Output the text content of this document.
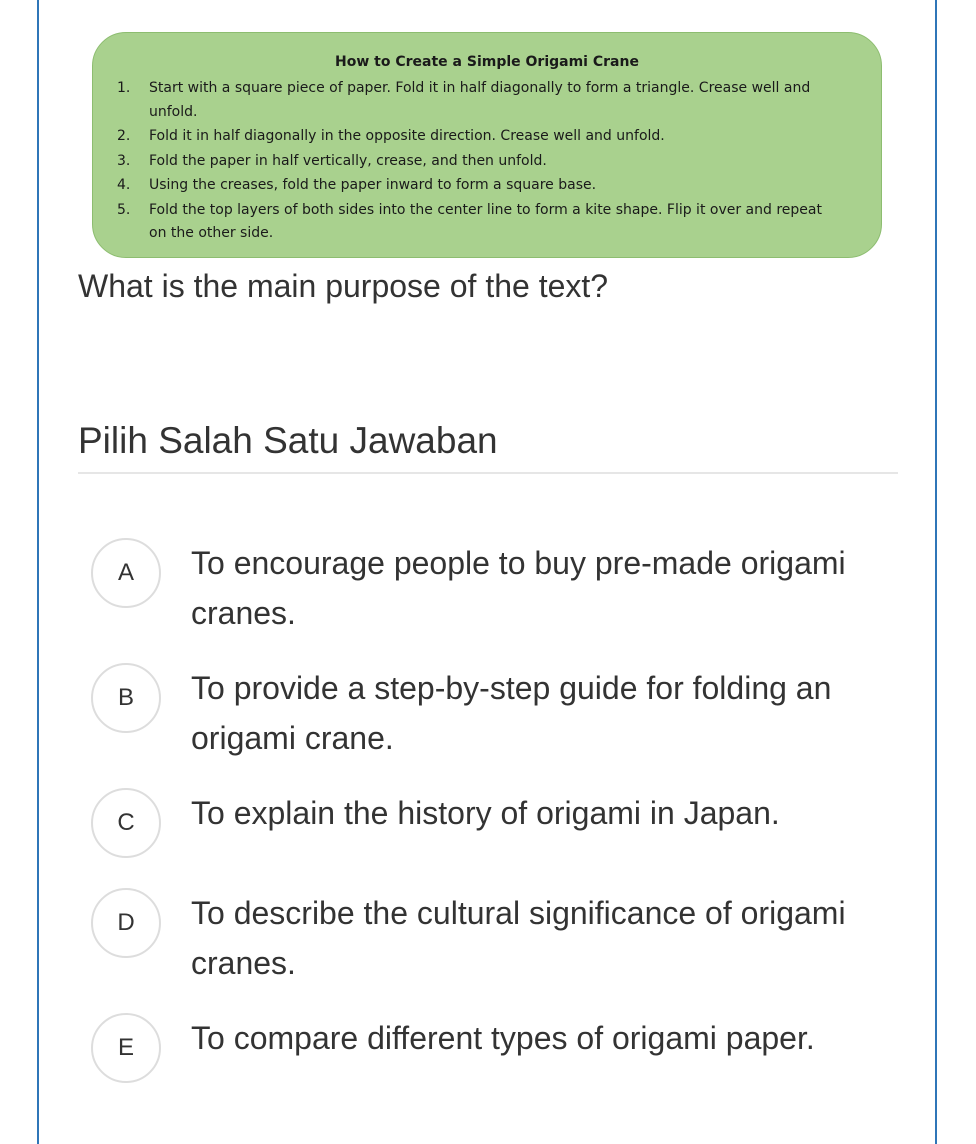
How to Create a Simple Origami Crane
1. Start with a square piece of paper. Fold it in half diagonally to form a triangle. Crease well and unfold.
2. Fold it in half diagonally in the opposite direction. Crease well and unfold.
3. Fold the paper in half vertically, crease, and then unfold.
4. Using the creases, fold the paper inward to form a square base.
5. Fold the top layers of both sides into the center line to form a kite shape. Flip it over and repeat on the other side.
What is the main purpose of the text?
Pilih Salah Satu Jawaban
A	To encourage people to buy pre-made origami cranes.
B	To provide a step-by-step guide for folding an origami crane.
C	To explain the history of origami in Japan.
D	To describe the cultural significance of origami cranes.
E	To compare different types of origami paper.
